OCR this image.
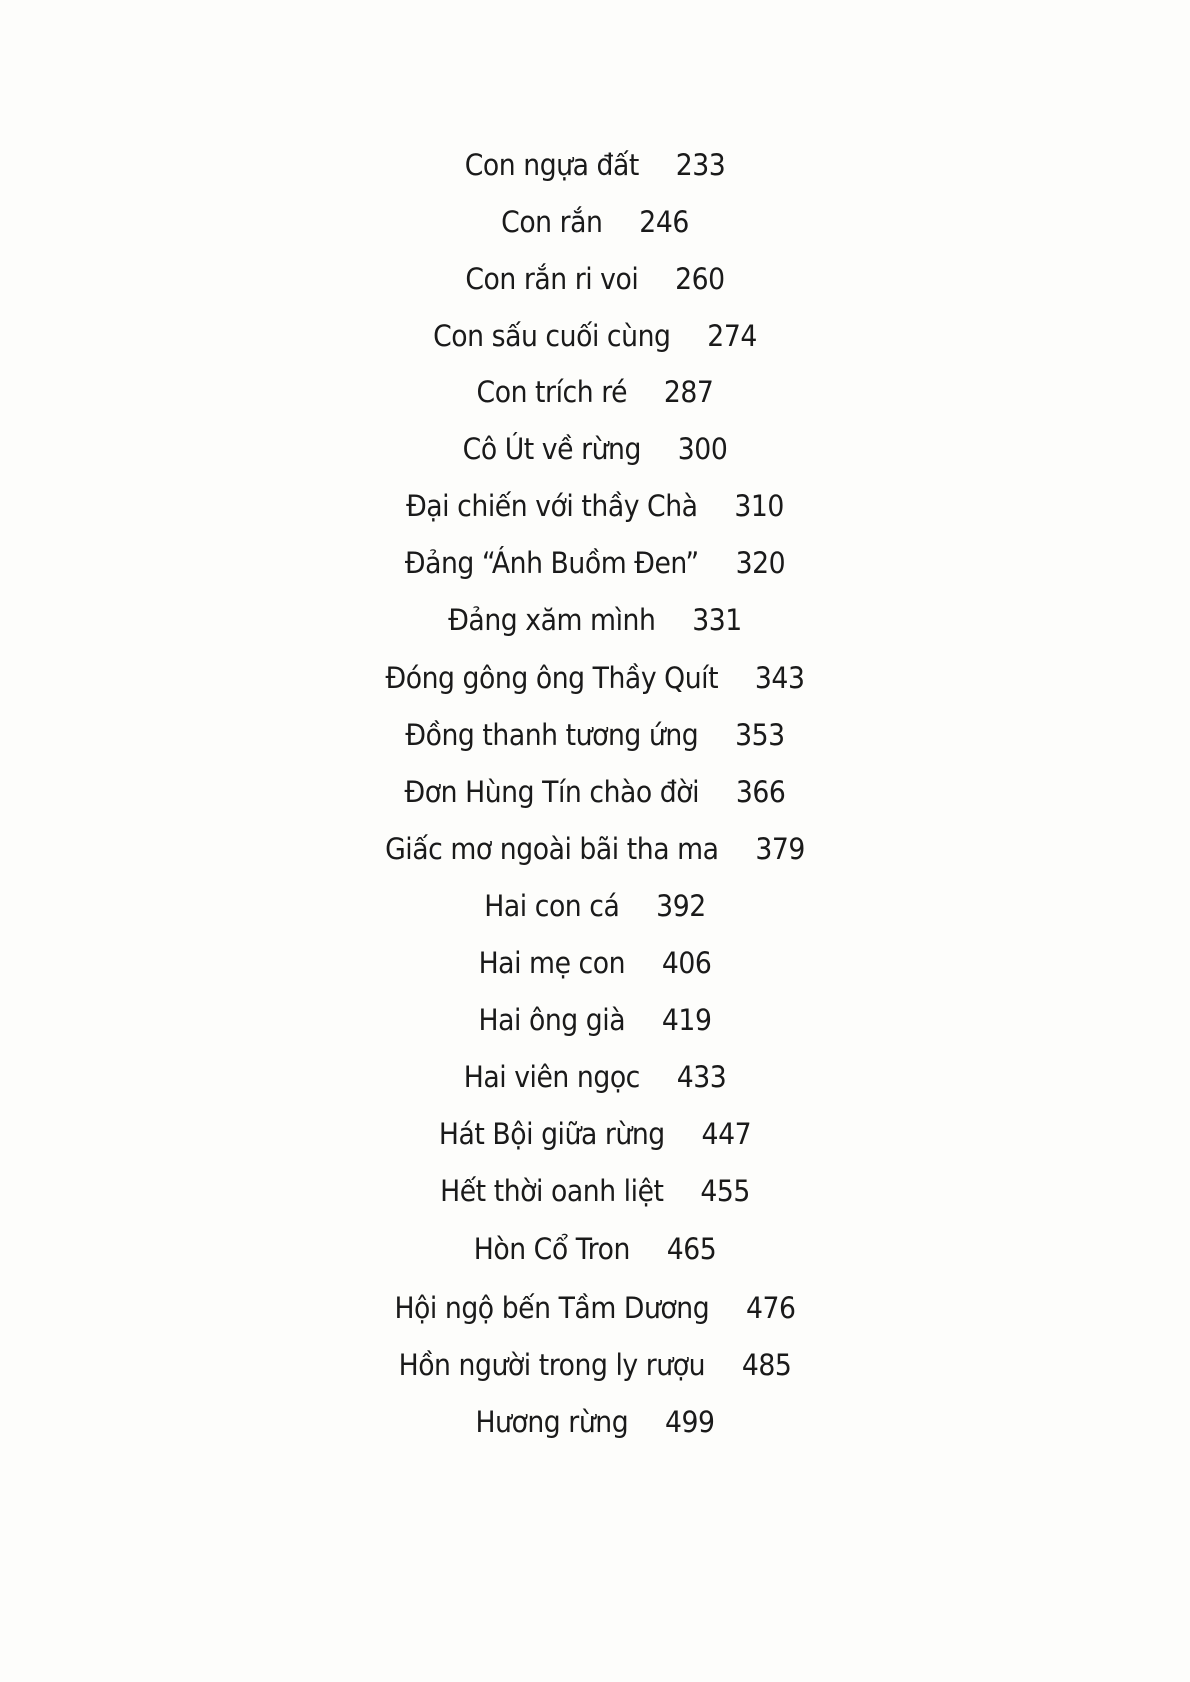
Con ngựa đất 233
Con rắn 246
Con rắn ri voi 260
Con sấu cuối cùng 274
Con trích ré 287
Cô Út về rừng 300
Đại chiến với thầy Chà 310
Đảng “Ánh Buồm Đen” 320
Đảng xăm mình 331
Đóng gông ông Thầy Quít 343
Đồng thanh tương ứng 353
Đơn Hùng Tín chào đời 366
Giấc mơ ngoài bãi tha ma 379
Hai con cá 392
Hai mẹ con 406
Hai ông già 419
Hai viên ngọc 433
Hát Bội giữa rừng 447
Hết thời oanh liệt 455
Hòn Cổ Tron 465
Hội ngộ bến Tầm Dương 476
Hồn người trong ly rượu 485
Hương rừng 499
